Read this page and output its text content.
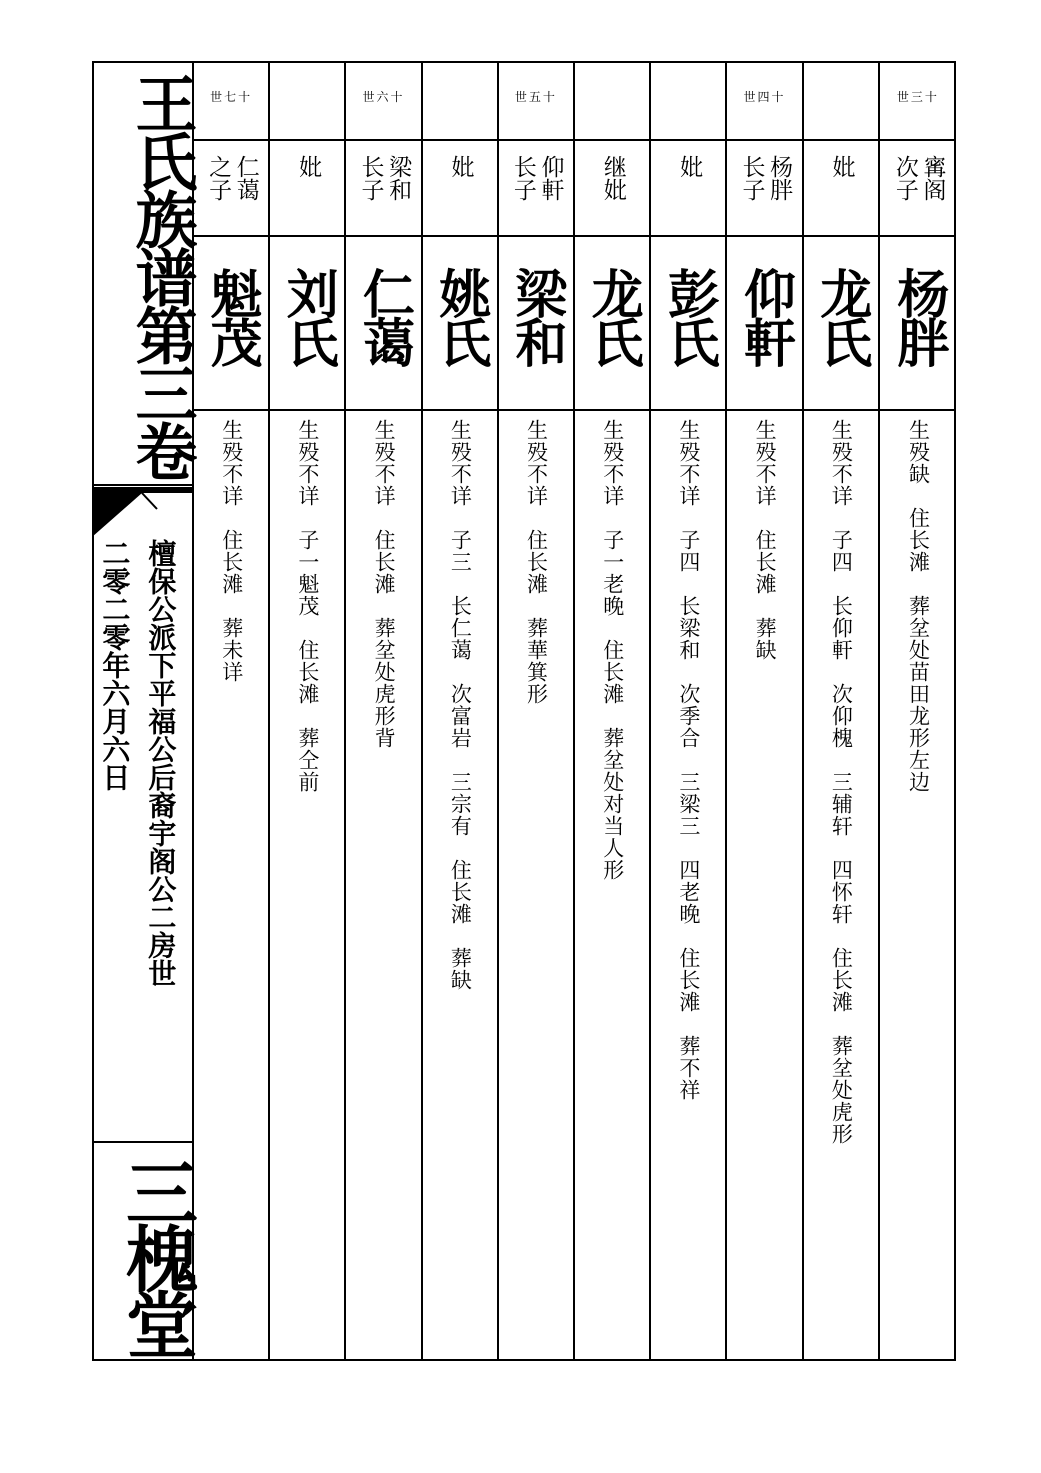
王氏族谱第三卷
檀保公派下平福公后裔宇阁公二房世
二零二零年六月六日
三槐堂
世七十
仁蔼之子
魁茂
生殁不详　住长滩　葬未详
妣
刘氏
生殁不详　子一魁茂　住长滩　葬仝前
世六十
梁和长子
仁蔼
生殁不详　住长滩　葬坌处虎形背
妣
姚氏
生殁不详　子三　长仁蔼　次富岩　三宗有　住长滩　葬缺
世五十
仰軒长子
梁和
生殁不详　住长滩　葬華箕形
继妣
龙氏
生殁不详　子一老晚　住长滩　葬坌处对当人形
妣
彭氏
生殁不详　子四　长梁和　次季合　三梁三　四老晚　住长滩　葬不祥
世四十
杨胖长子
仰軒
生殁不详　住长滩　葬缺
妣
龙氏
生殁不详　子四　长仰軒　次仰槐　三辅轩　四怀轩　住长滩　葬坌处虎形
世三十
寗阁次子
杨胖
生殁缺　住长滩　葬坌处苗田龙形左边
